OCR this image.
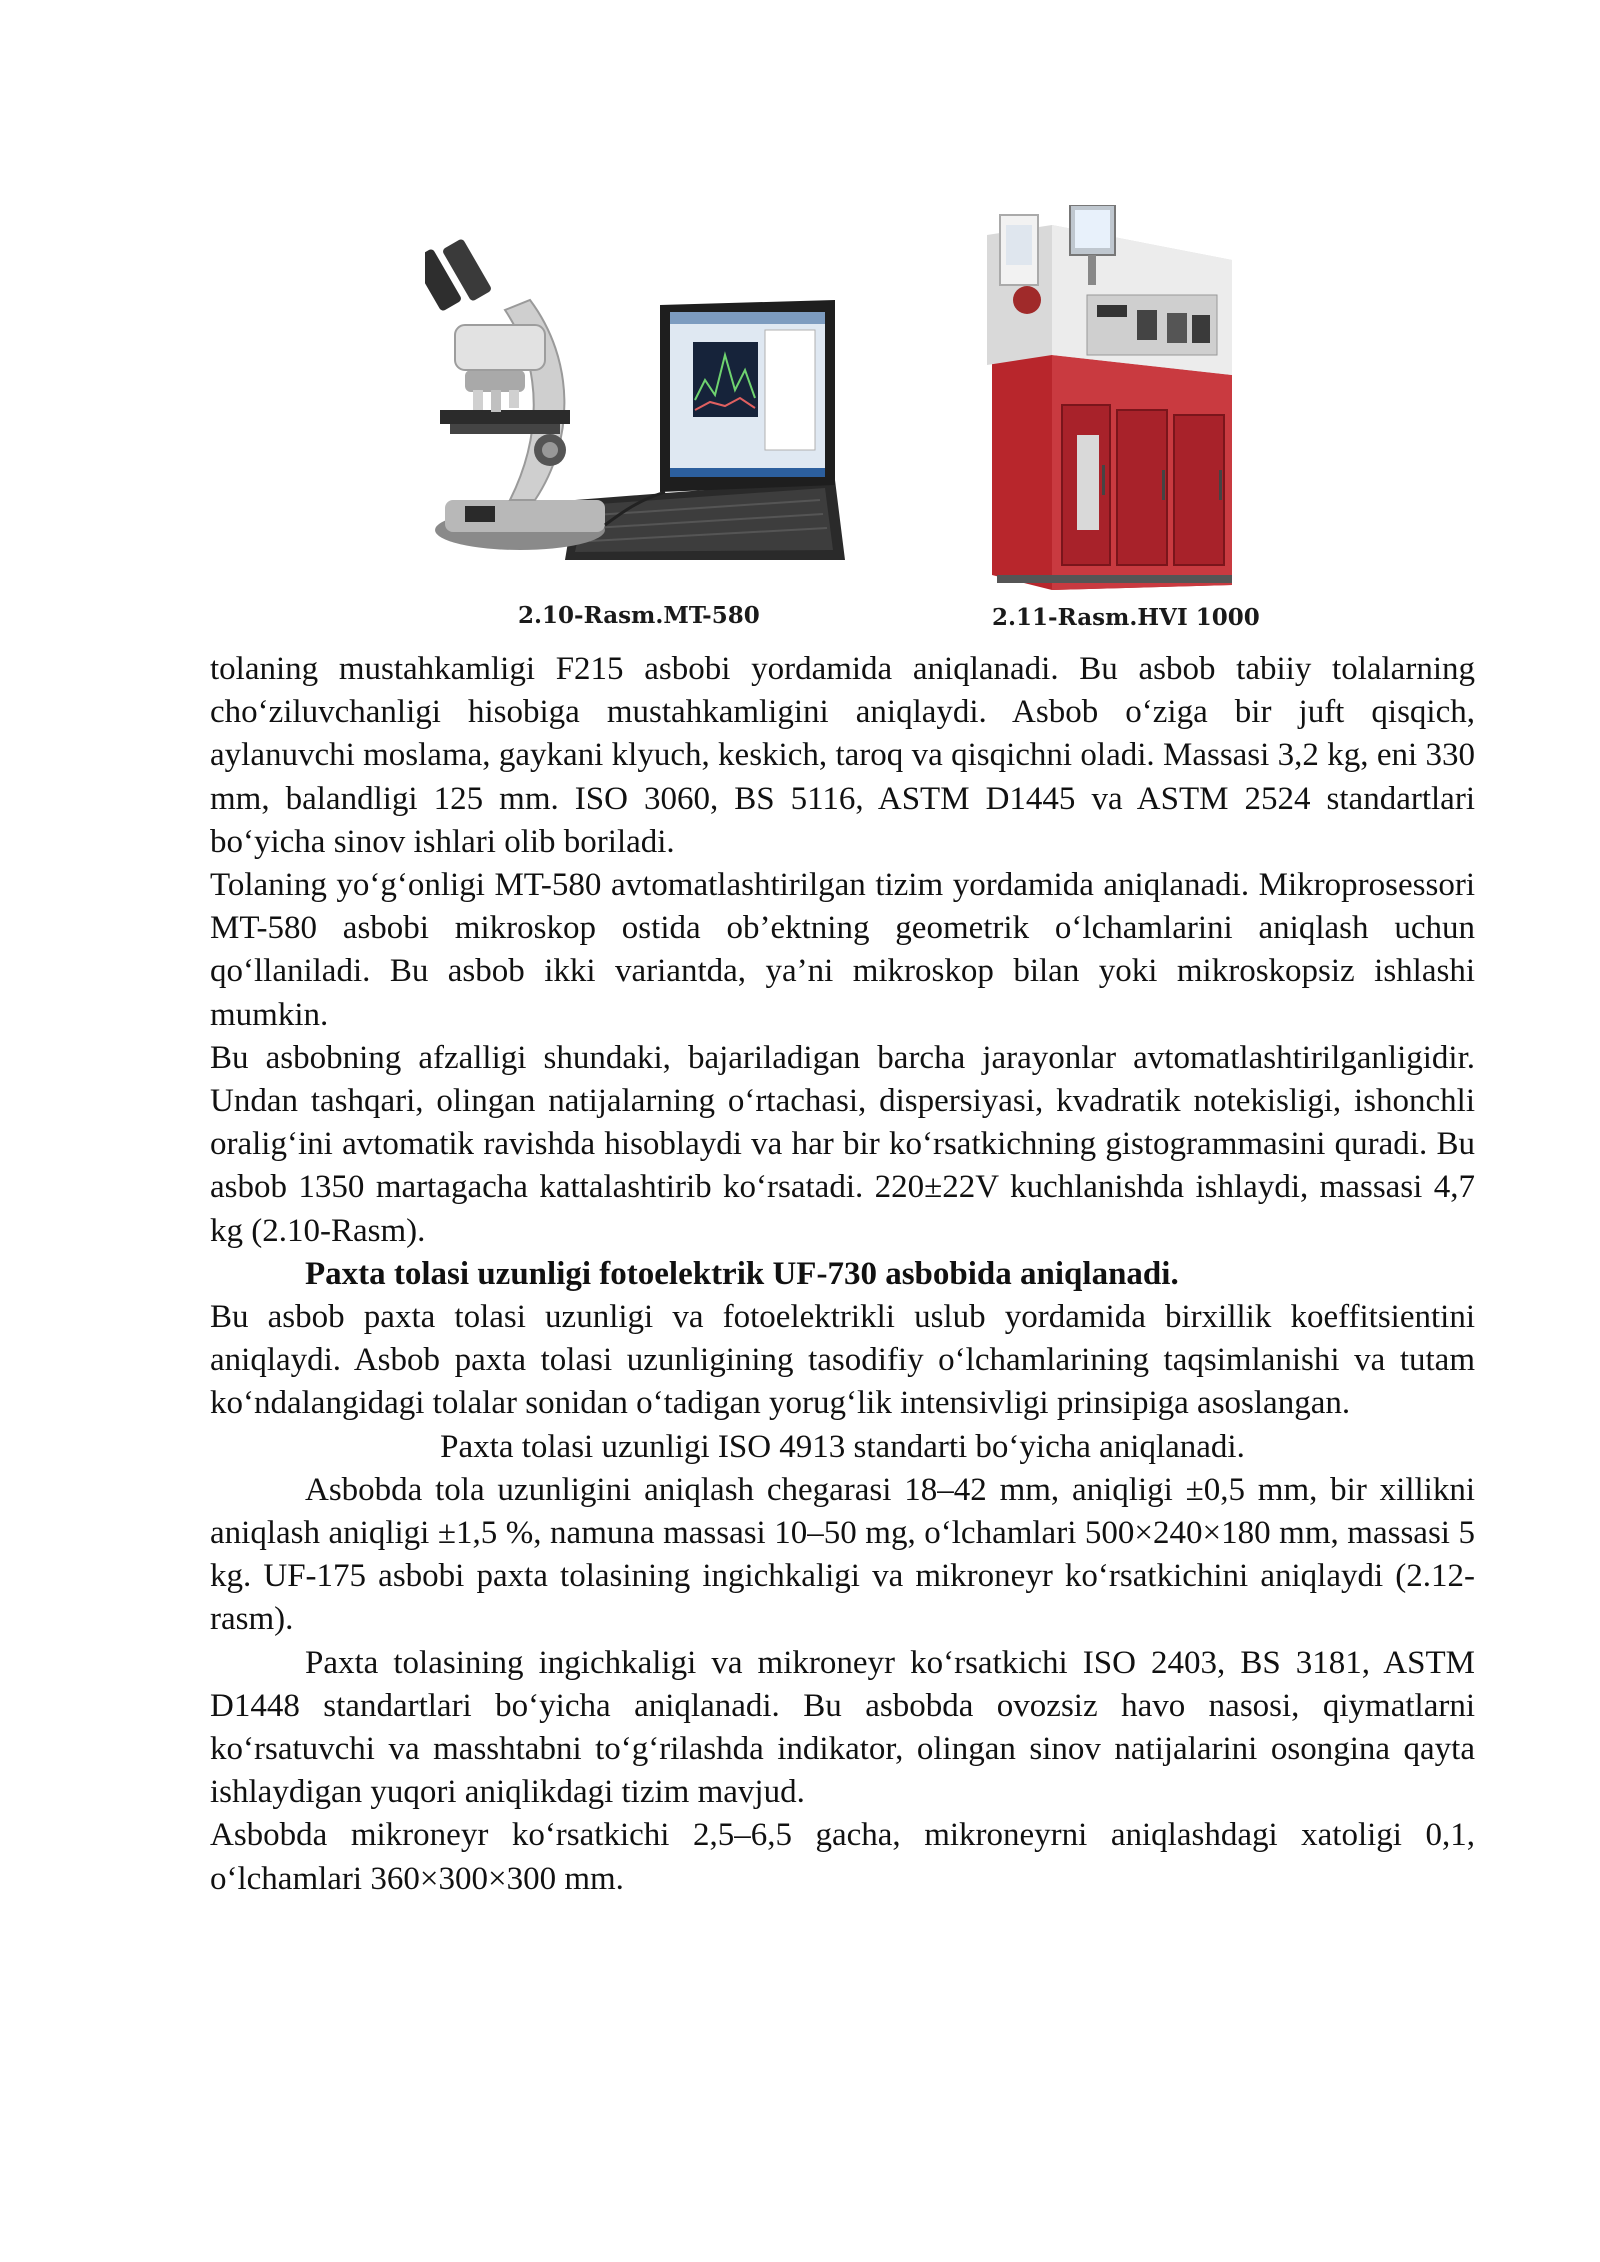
2.10-Rasm.MT-580	2.11-Rasm.HVI 1000

tolaning mustahkamligi F215 asbobi yordamida aniqlanadi. Bu asbob tabiiy tolalarning cho‘ziluvchanligi hisobiga mustahkamligini aniqlaydi. Asbob o‘ziga bir juft qisqich, aylanuvchi moslama, gaykani klyuch, keskich, taroq va qisqichni oladi. Massasi 3,2 kg, eni 330 mm, balandligi 125 mm. ISO 3060, BS 5116, ASTM D1445 va ASTM 2524 standartlari bo‘yicha sinov ishlari olib boriladi.

Tolaning yo‘g‘onligi MT-580 avtomatlashtirilgan tizim yordamida aniqlanadi. Mikroprosessori MT-580 asbobi mikroskop ostida ob’ektning geometrik o‘lchamlarini aniqlash uchun qo‘llaniladi. Bu asbob ikki variantda, ya’ni mikroskop bilan yoki mikroskopsiz ishlashi mumkin.

Bu asbobning afzalligi shundaki, bajariladigan barcha jarayonlar avtomatlashtirilganligidir. Undan tashqari, olingan natijalarning o‘rtachasi, dispersiyasi, kvadratik notekisligi, ishonchli oralig‘ini avtomatik ravishda hisoblaydi va har bir ko‘rsatkichning gistogrammasini quradi. Bu asbob 1350 martagacha kattalashtirib ko‘rsatadi. 220±22V kuchlanishda ishlaydi, massasi 4,7 kg (2.10-Rasm).

Paxta tolasi uzunligi fotoelektrik UF-730 asbobida aniqlanadi.

Bu asbob paxta tolasi uzunligi va fotoelektrikli uslub yordamida birxillik koeffitsientini aniqlaydi. Asbob paxta tolasi uzunligining tasodifiy o‘lchamlarining taqsimlanishi va tutam ko‘ndalangidagi tolalar sonidan o‘tadigan yorug‘lik intensivligi prinsipiga asoslangan.

Paxta tolasi uzunligi ISO 4913 standarti bo‘yicha aniqlanadi.

Asbobda tola uzunligini aniqlash chegarasi 18–42 mm, aniqligi ±0,5 mm, bir xillikni aniqlash aniqligi ±1,5 %, namuna massasi 10–50 mg, o‘lchamlari 500×240×180 mm, massasi 5 kg. UF-175 asbobi paxta tolasining ingichkaligi va mikroneyr ko‘rsatkichini aniqlaydi (2.12-rasm).

Paxta tolasining ingichkaligi va mikroneyr ko‘rsatkichi ISO 2403, BS 3181, ASTM D1448 standartlari bo‘yicha aniqlanadi. Bu asbobda ovozsiz havo nasosi, qiymatlarni ko‘rsatuvchi va masshtabni to‘g‘rilashda indikator, olingan sinov natijalarini osongina qayta ishlaydigan yuqori aniqlikdagi tizim mavjud.

Asbobda mikroneyr ko‘rsatkichi 2,5–6,5 gacha, mikroneyrni aniqlashdagi xatoligi 0,1, o‘lchamlari 360×300×300 mm.
